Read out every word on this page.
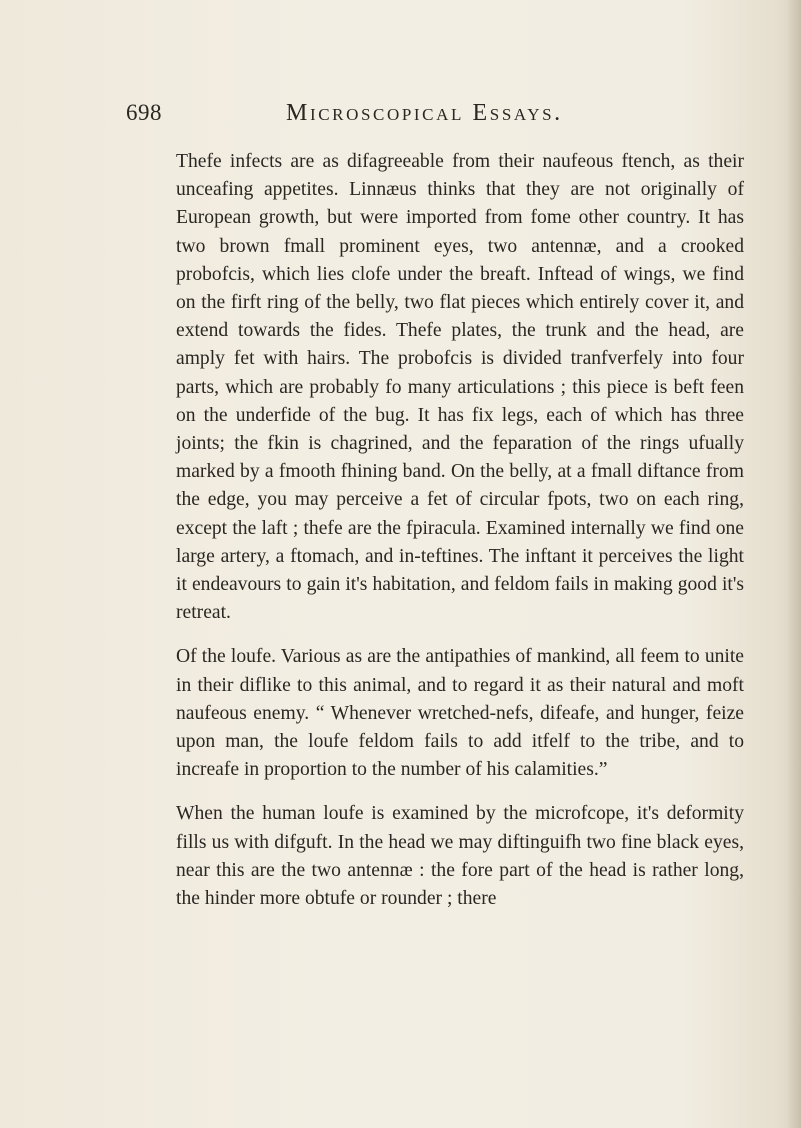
698	Microscopical Essays.

Thefe infects are as difagreeable from their naufeous ftench, as their unceafing appetites. Linnæus thinks that they are not originally of European growth, but were imported from fome other country. It has two brown fmall prominent eyes, two antennæ, and a crooked probofcis, which lies clofe under the breaft. Inftead of wings, we find on the firft ring of the belly, two flat pieces which entirely cover it, and extend towards the fides. Thefe plates, the trunk and the head, are amply fet with hairs. The probofcis is divided tranfverfely into four parts, which are probably fo many articulations ; this piece is beft feen on the underfide of the bug. It has fix legs, each of which has three joints; the fkin is chagrined, and the feparation of the rings ufually marked by a fmooth fhining band. On the belly, at a fmall diftance from the edge, you may perceive a fet of circular fpots, two on each ring, except the laft ; thefe are the fpiracula. Examined internally we find one large artery, a ftomach, and in-teftines. The inftant it perceives the light it endeavours to gain it's habitation, and feldom fails in making good it's retreat.

Of the loufe. Various as are the antipathies of mankind, all feem to unite in their diflike to this animal, and to regard it as their natural and moft naufeous enemy. “ Whenever wretched-nefs, difeafe, and hunger, feize upon man, the loufe feldom fails to add itfelf to the tribe, and to increafe in proportion to the number of his calamities.”

When the human loufe is examined by the microfcope, it's deformity fills us with difguft. In the head we may diftinguifh two fine black eyes, near this are the two antennæ : the fore part of the head is rather long, the hinder more obtufe or rounder ; there
